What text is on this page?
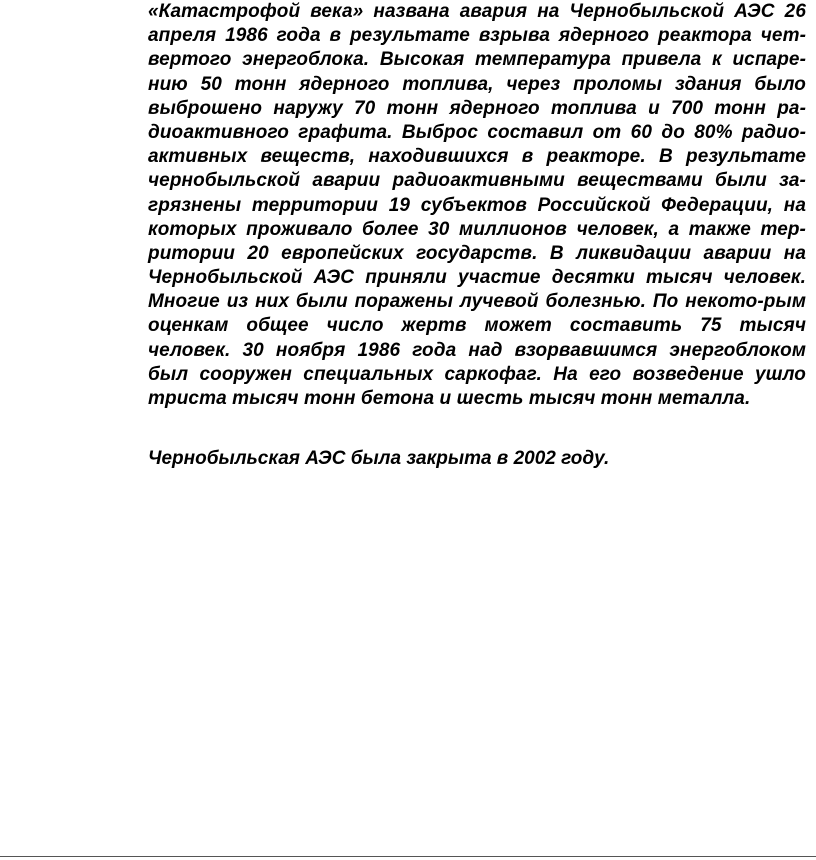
«Катастрофой века» названа авария на Чернобыльской АЭС 26
апреля 1986 года в результате взрыва ядерного реактора чет-
вертого энергоблока. Высокая температура привела к испаре-
нию 50 тонн ядерного топлива, через проломы здания было
выброшено наружу 70 тонн ядерного топлива и 700 тонн ра-
диоактивного графита. Выброс составил от 60 до 80% радио-
активных веществ, находившихся в реакторе. В результате
чернобыльской аварии радиоактивными веществами были за-
грязнены территории 19 субъектов Российской Федерации, на
которых проживало более 30 миллионов человек, а также тер-
ритории 20 европейских государств. В ликвидации аварии на
Чернобыльской АЭС приняли участие десятки тысяч человек.
Многие из них были поражены лучевой болезнью. По некото-рым
оценкам общее число жертв может составить 75 тысяч
человек. 30 ноября 1986 года над взорвавшимся энергоблоком
был сооружен специальных саркофаг. На его возведение ушло
триста тысяч тонн бетона и шесть тысяч тонн металла.
Чернобыльская АЭС была закрыта в 2002 году.
